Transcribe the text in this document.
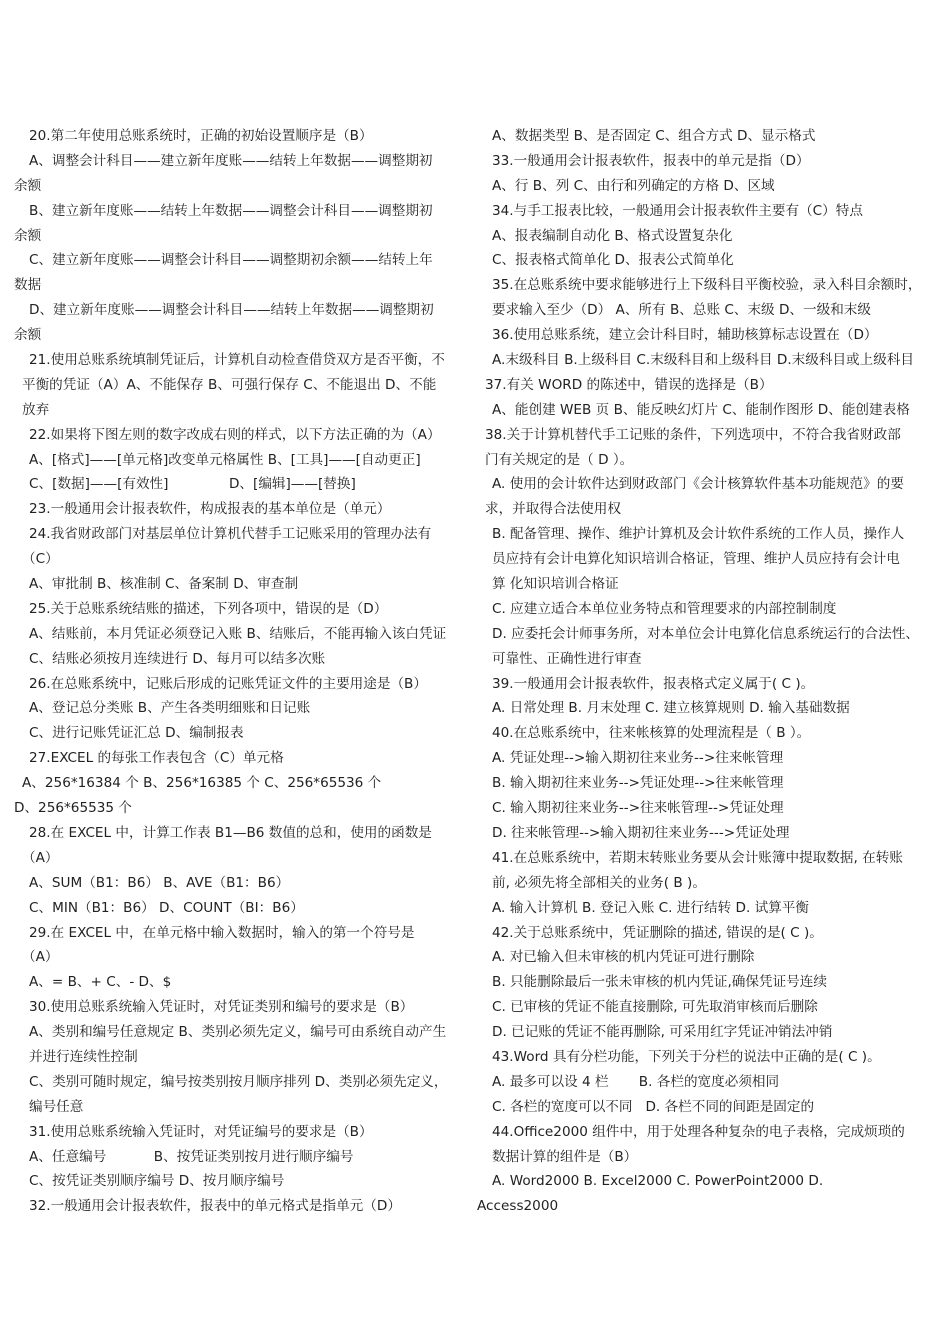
20.第二年使用总账系统时，正确的初始设置顺序是（B）
A、调整会计科目——建立新年度账——结转上年数据——调整期初
余额
B、建立新年度账——结转上年数据——调整会计科目——调整期初
余额
C、建立新年度账——调整会计科目——调整期初余额——结转上年
数据
D、建立新年度账——调整会计科目——结转上年数据——调整期初
余额
21.使用总账系统填制凭证后，计算机自动检查借贷双方是否平衡，不
平衡的凭证（A）A、不能保存 B、可强行保存 C、不能退出 D、不能
放弃
22.如果将下图左则的数字改成右则的样式，以下方法正确的为（A）
A、[格式]——[单元格]改变单元格属性 B、[工具]——[自动更正]
C、[数据]——[有效性]              D、[编辑]——[替换]
23.一般通用会计报表软件，构成报表的基本单位是（单元）
24.我省财政部门对基层单位计算机代替手工记账采用的管理办法有
（C）
A、审批制 B、核准制 C、备案制 D、审查制
25.关于总账系统结账的描述，下列各项中，错误的是（D）
A、结账前，本月凭证必须登记入账 B、结账后，不能再输入该白凭证
C、结账必须按月连续进行 D、每月可以结多次账
26.在总账系统中，记账后形成的记账凭证文件的主要用途是（B）
A、登记总分类账 B、产生各类明细账和日记账
C、进行记账凭证汇总 D、编制报表
27.EXCEL 的每张工作表包含（C）单元格
A、256*16384 个 B、256*16385 个 C、256*65536 个
D、256*65535 个
28.在 EXCEL 中，计算工作表 B1—B6 数值的总和，使用的函数是
（A）
A、SUM（B1：B6） B、AVE（B1：B6）
C、MIN（B1：B6） D、COUNT（BI：B6）
29.在 EXCEL 中，在单元格中输入数据时，输入的第一个符号是
（A）
A、= B、+ C、- D、$
30.使用总账系统输入凭证时，对凭证类别和编号的要求是（B）
A、类别和编号任意规定 B、类别必须先定义，编号可由系统自动产生
并进行连续性控制
C、类别可随时规定，编号按类别按月顺序排列 D、类别必须先定义，
编号任意
31.使用总账系统输入凭证时，对凭证编号的要求是（B）
A、任意编号           B、按凭证类别按月进行顺序编号
C、按凭证类别顺序编号 D、按月顺序编号
32.一般通用会计报表软件，报表中的单元格式是指单元（D）
A、数据类型 B、是否固定 C、组合方式 D、显示格式
33.一般通用会计报表软件，报表中的单元是指（D）
A、行 B、列 C、由行和列确定的方格 D、区域
34.与手工报表比较，一般通用会计报表软件主要有（C）特点
A、报表编制自动化 B、格式设置复杂化
C、报表格式简单化 D、报表公式简单化
35.在总账系统中要求能够进行上下级科目平衡校验，录入科目余额时，
要求输入至少（D） A、所有 B、总账 C、末级 D、一级和末级
36.使用总账系统，建立会计科目时，辅助核算标志设置在（D）
A.末级科目 B.上级科目 C.末级科目和上级科目 D.末级科目或上级科目
37.有关 WORD 的陈述中，错误的选择是（B）
A、能创建 WEB 页 B、能反映幻灯片 C、能制作图形 D、能创建表格
38.关于计算机替代手工记账的条件，下列选项中，不符合我省财政部
门有关规定的是（ D ）。
A. 使用的会计软件达到财政部门《会计核算软件基本功能规范》的要
求，并取得合法使用权
B. 配备管理、操作、维护计算机及会计软件系统的工作人员，操作人
员应持有会计电算化知识培训合格证，管理、维护人员应持有会计电
算 化知识培训合格证
C. 应建立适合本单位业务特点和管理要求的内部控制制度
D. 应委托会计师事务所，对本单位会计电算化信息系统运行的合法性、
可靠性、正确性进行审查
39.一般通用会计报表软件，报表格式定义属于( C )。
A. 日常处理 B. 月末处理 C. 建立核算规则 D. 输入基础数据
40.在总账系统中，往来帐核算的处理流程是（ B ）。
A. 凭证处理-->输入期初往来业务-->往来帐管理
B. 输入期初往来业务-->凭证处理-->往来帐管理
C. 输入期初往来业务-->往来帐管理-->凭证处理
D. 往来帐管理-->输入期初往来业务--->凭证处理
41.在总账系统中，若期末转账业务要从会计账簿中提取数据, 在转账
前, 必须先将全部相关的业务( B )。
A. 输入计算机 B. 登记入账 C. 进行结转 D. 试算平衡
42.关于总账系统中，凭证删除的描述, 错误的是( C )。
A. 对已输入但未审核的机内凭证可进行删除
B. 只能删除最后一张未审核的机内凭证,确保凭证号连续
C. 已审核的凭证不能直接删除, 可先取消审核而后删除
D. 已记账的凭证不能再删除, 可采用红字凭证冲销法冲销
43.Word 具有分栏功能，下列关于分栏的说法中正确的是( C )。
A. 最多可以设 4 栏       B. 各栏的宽度必须相同
C. 各栏的宽度可以不同   D. 各栏不同的间距是固定的
44.Office2000 组件中，用于处理各种复杂的电子表格，完成烦琐的
数据计算的组件是（B）
A. Word2000 B. Excel2000 C. PowerPoint2000 D.
Access2000
